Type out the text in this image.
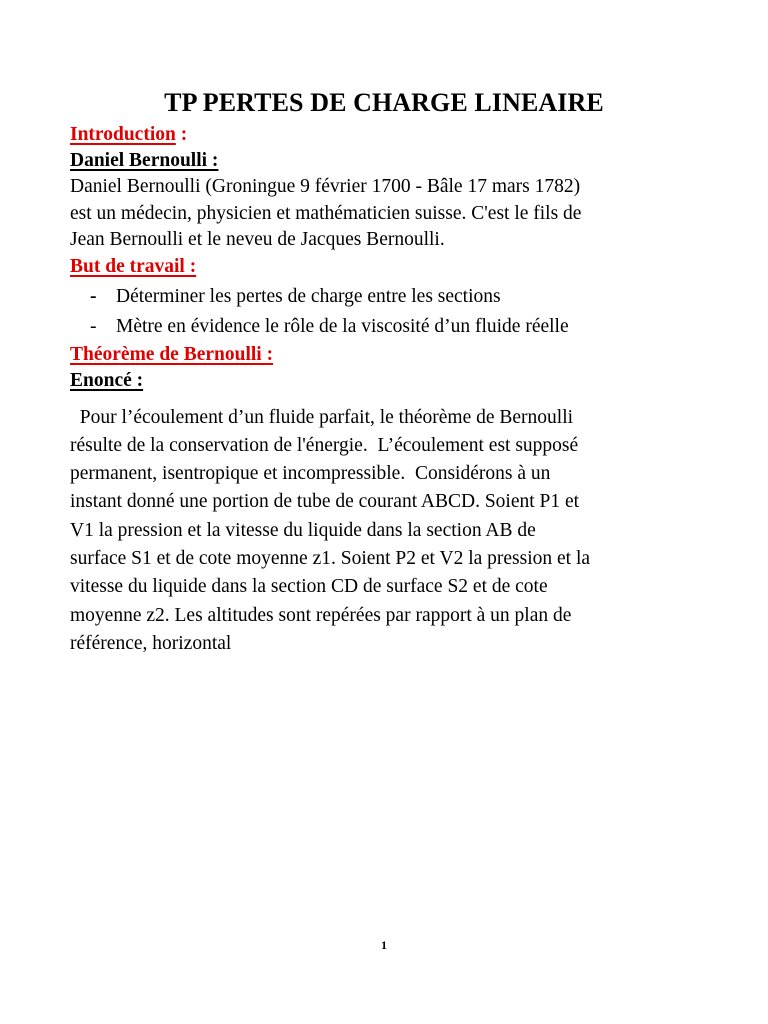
TP PERTES DE CHARGE LINEAIRE
Introduction :
Daniel Bernoulli :
Daniel Bernoulli (Groningue 9 février 1700 - Bâle 17 mars 1782)
est un médecin, physicien et mathématicien suisse. C'est le fils de
Jean Bernoulli et le neveu de Jacques Bernoulli.
But de travail :
- Déterminer les pertes de charge entre les sections
- Mètre en évidence le rôle de la viscosité d’un fluide réelle
Théorème de Bernoulli :
Enoncé :
Pour l’écoulement d’un fluide parfait, le théorème de Bernoulli
résulte de la conservation de l'énergie.  L’écoulement est supposé
permanent, isentropique et incompressible.  Considérons à un
instant donné une portion de tube de courant ABCD. Soient P1 et
V1 la pression et la vitesse du liquide dans la section AB de
surface S1 et de cote moyenne z1. Soient P2 et V2 la pression et la
vitesse du liquide dans la section CD de surface S2 et de cote
moyenne z2. Les altitudes sont repérées par rapport à un plan de
référence, horizontal
1
